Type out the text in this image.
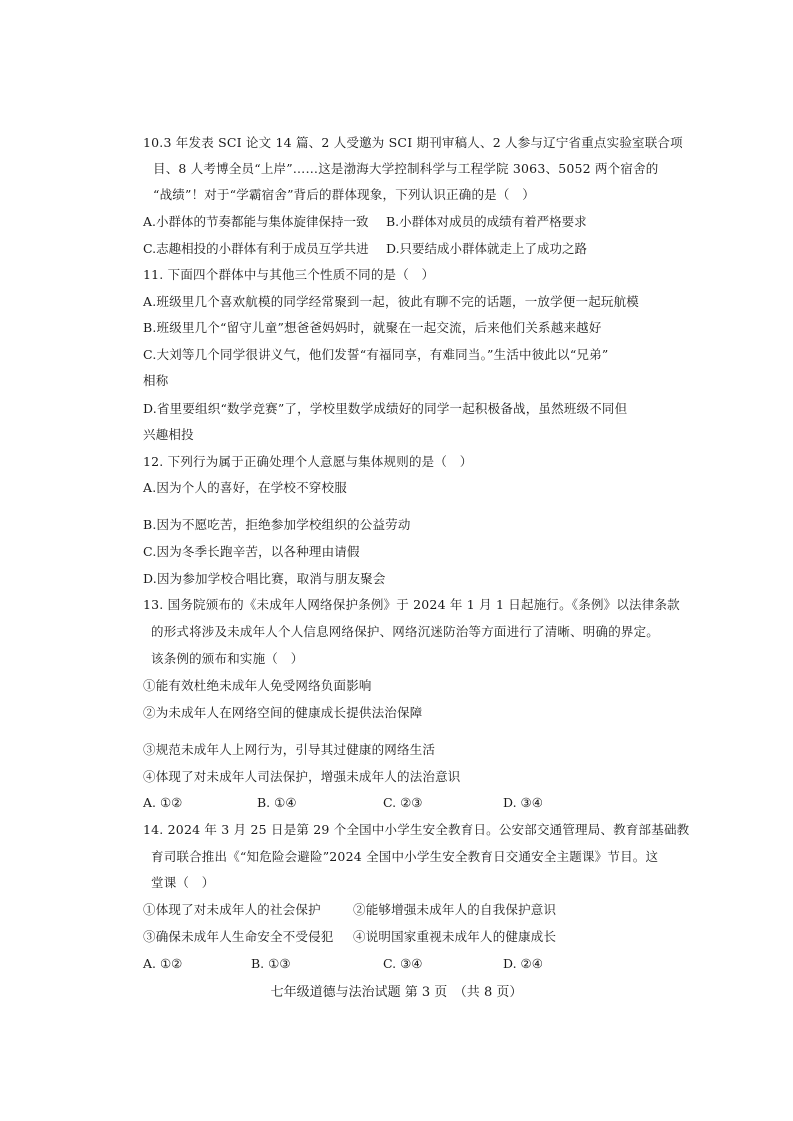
10.3 年发表 SCI 论文 14 篇、2 人受邀为 SCI 期刊审稿人、2 人参与辽宁省重点实验室联合项
目、8 人考博全员“上岸”……这是渤海大学控制科学与工程学院 3063、5052 两个宿舍的
“战绩”！对于“学霸宿舍”背后的群体现象，下列认识正确的是（　）
A.小群体的节奏都能与集体旋律保持一致 B.小群体对成员的成绩有着严格要求
C.志趣相投的小群体有利于成员互学共进 D.只要结成小群体就走上了成功之路
11. 下面四个群体中与其他三个性质不同的是（　）
A.班级里几个喜欢航模的同学经常聚到一起，彼此有聊不完的话题，一放学便一起玩航模
B.班级里几个“留守儿童”想爸爸妈妈时，就聚在一起交流，后来他们关系越来越好
C.大刘等几个同学很讲义气，他们发誓“有福同享，有难同当。”生活中彼此以“兄弟”
相称
D.省里要组织“数学竞赛”了，学校里数学成绩好的同学一起积极备战，虽然班级不同但
兴趣相投
12. 下列行为属于正确处理个人意愿与集体规则的是（　）
A.因为个人的喜好，在学校不穿校服
B.因为不愿吃苦，拒绝参加学校组织的公益劳动
C.因为冬季长跑辛苦，以各种理由请假
D.因为参加学校合唱比赛，取消与朋友聚会
13. 国务院颁布的《未成年人网络保护条例》于 2024 年 1 月 1 日起施行。《条例》以法律条款
的形式将涉及未成年人个人信息网络保护、网络沉迷防治等方面进行了清晰、明确的界定。
该条例的颁布和实施（　）
①能有效杜绝未成年人免受网络负面影响
②为未成年人在网络空间的健康成长提供法治保障
③规范未成年人上网行为，引导其过健康的网络生活
④体现了对未成年人司法保护，增强未成年人的法治意识
A. ①②	B. ①④	C. ②③	D. ③④
14. 2024 年 3 月 25 日是第 29 个全国中小学生安全教育日。公安部交通管理局、教育部基础教
育司联合推出《“知危险会避险”2024 全国中小学生安全教育日交通安全主题课》节目。这
堂课（　）
①体现了对未成年人的社会保护	②能够增强未成年人的自我保护意识
③确保未成年人生命安全不受侵犯 ④说明国家重视未成年人的健康成长
A. ①②	B. ①③	C. ③④	D. ②④
七年级道德与法治试题 第 3 页　（共 8 页）
